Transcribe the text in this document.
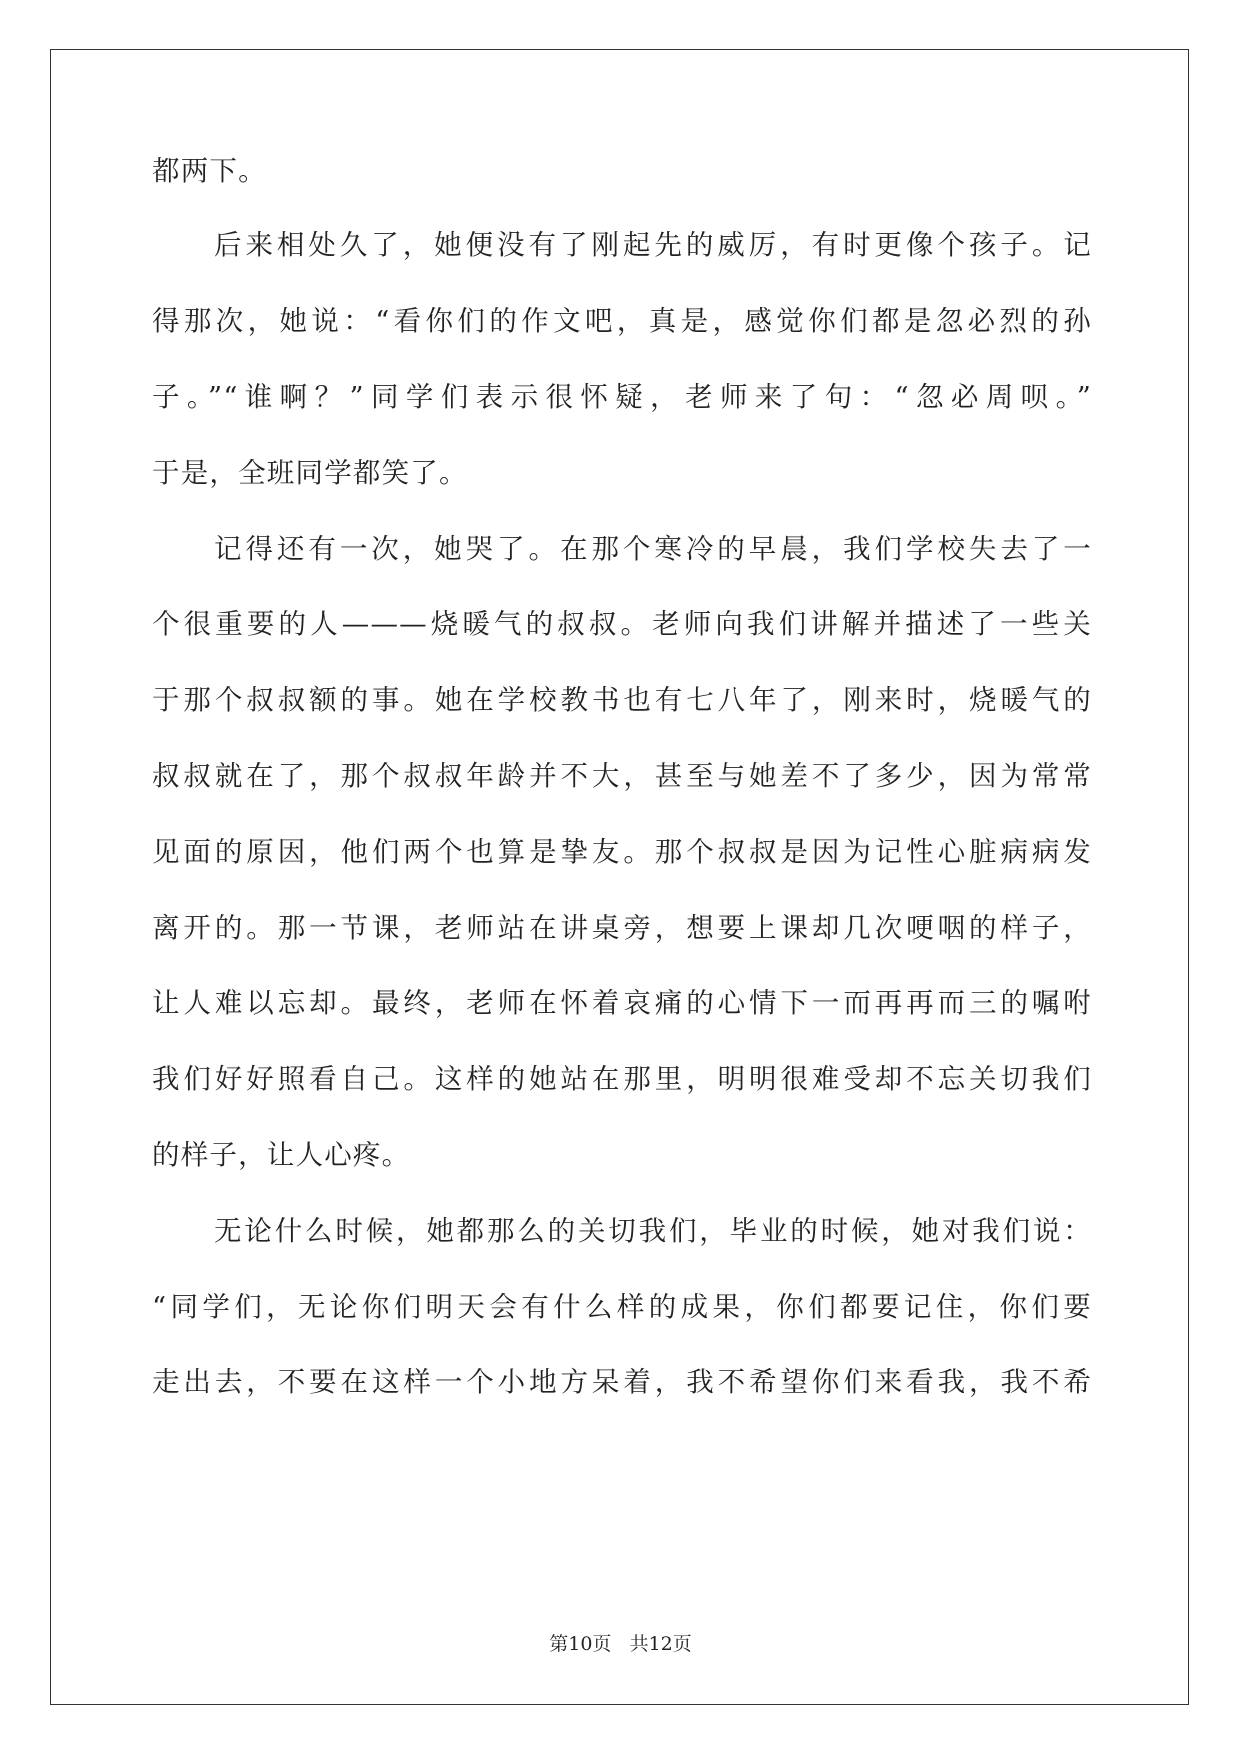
都两下。
后来相处久了，她便没有了刚起先的威厉，有时更像个孩子。记
得那次，她说：“看你们的作文吧，真是，感觉你们都是忽必烈的孙
子。”“谁啊？”同学们表示很怀疑，老师来了句：“忽必周呗。”
于是，全班同学都笑了。
记得还有一次，她哭了。在那个寒冷的早晨，我们学校失去了一
个很重要的人———烧暖气的叔叔。老师向我们讲解并描述了一些关
于那个叔叔额的事。她在学校教书也有七八年了，刚来时，烧暖气的
叔叔就在了，那个叔叔年龄并不大，甚至与她差不了多少，因为常常
见面的原因，他们两个也算是挚友。那个叔叔是因为记性心脏病病发
离开的。那一节课，老师站在讲桌旁，想要上课却几次哽咽的样子，
让人难以忘却。最终，老师在怀着哀痛的心情下一而再再而三的嘱咐
我们好好照看自己。这样的她站在那里，明明很难受却不忘关切我们
的样子，让人心疼。
无论什么时候，她都那么的关切我们，毕业的时候，她对我们说：
“同学们，无论你们明天会有什么样的成果，你们都要记住，你们要
走出去，不要在这样一个小地方呆着，我不希望你们来看我，我不希
第10页 共12页
